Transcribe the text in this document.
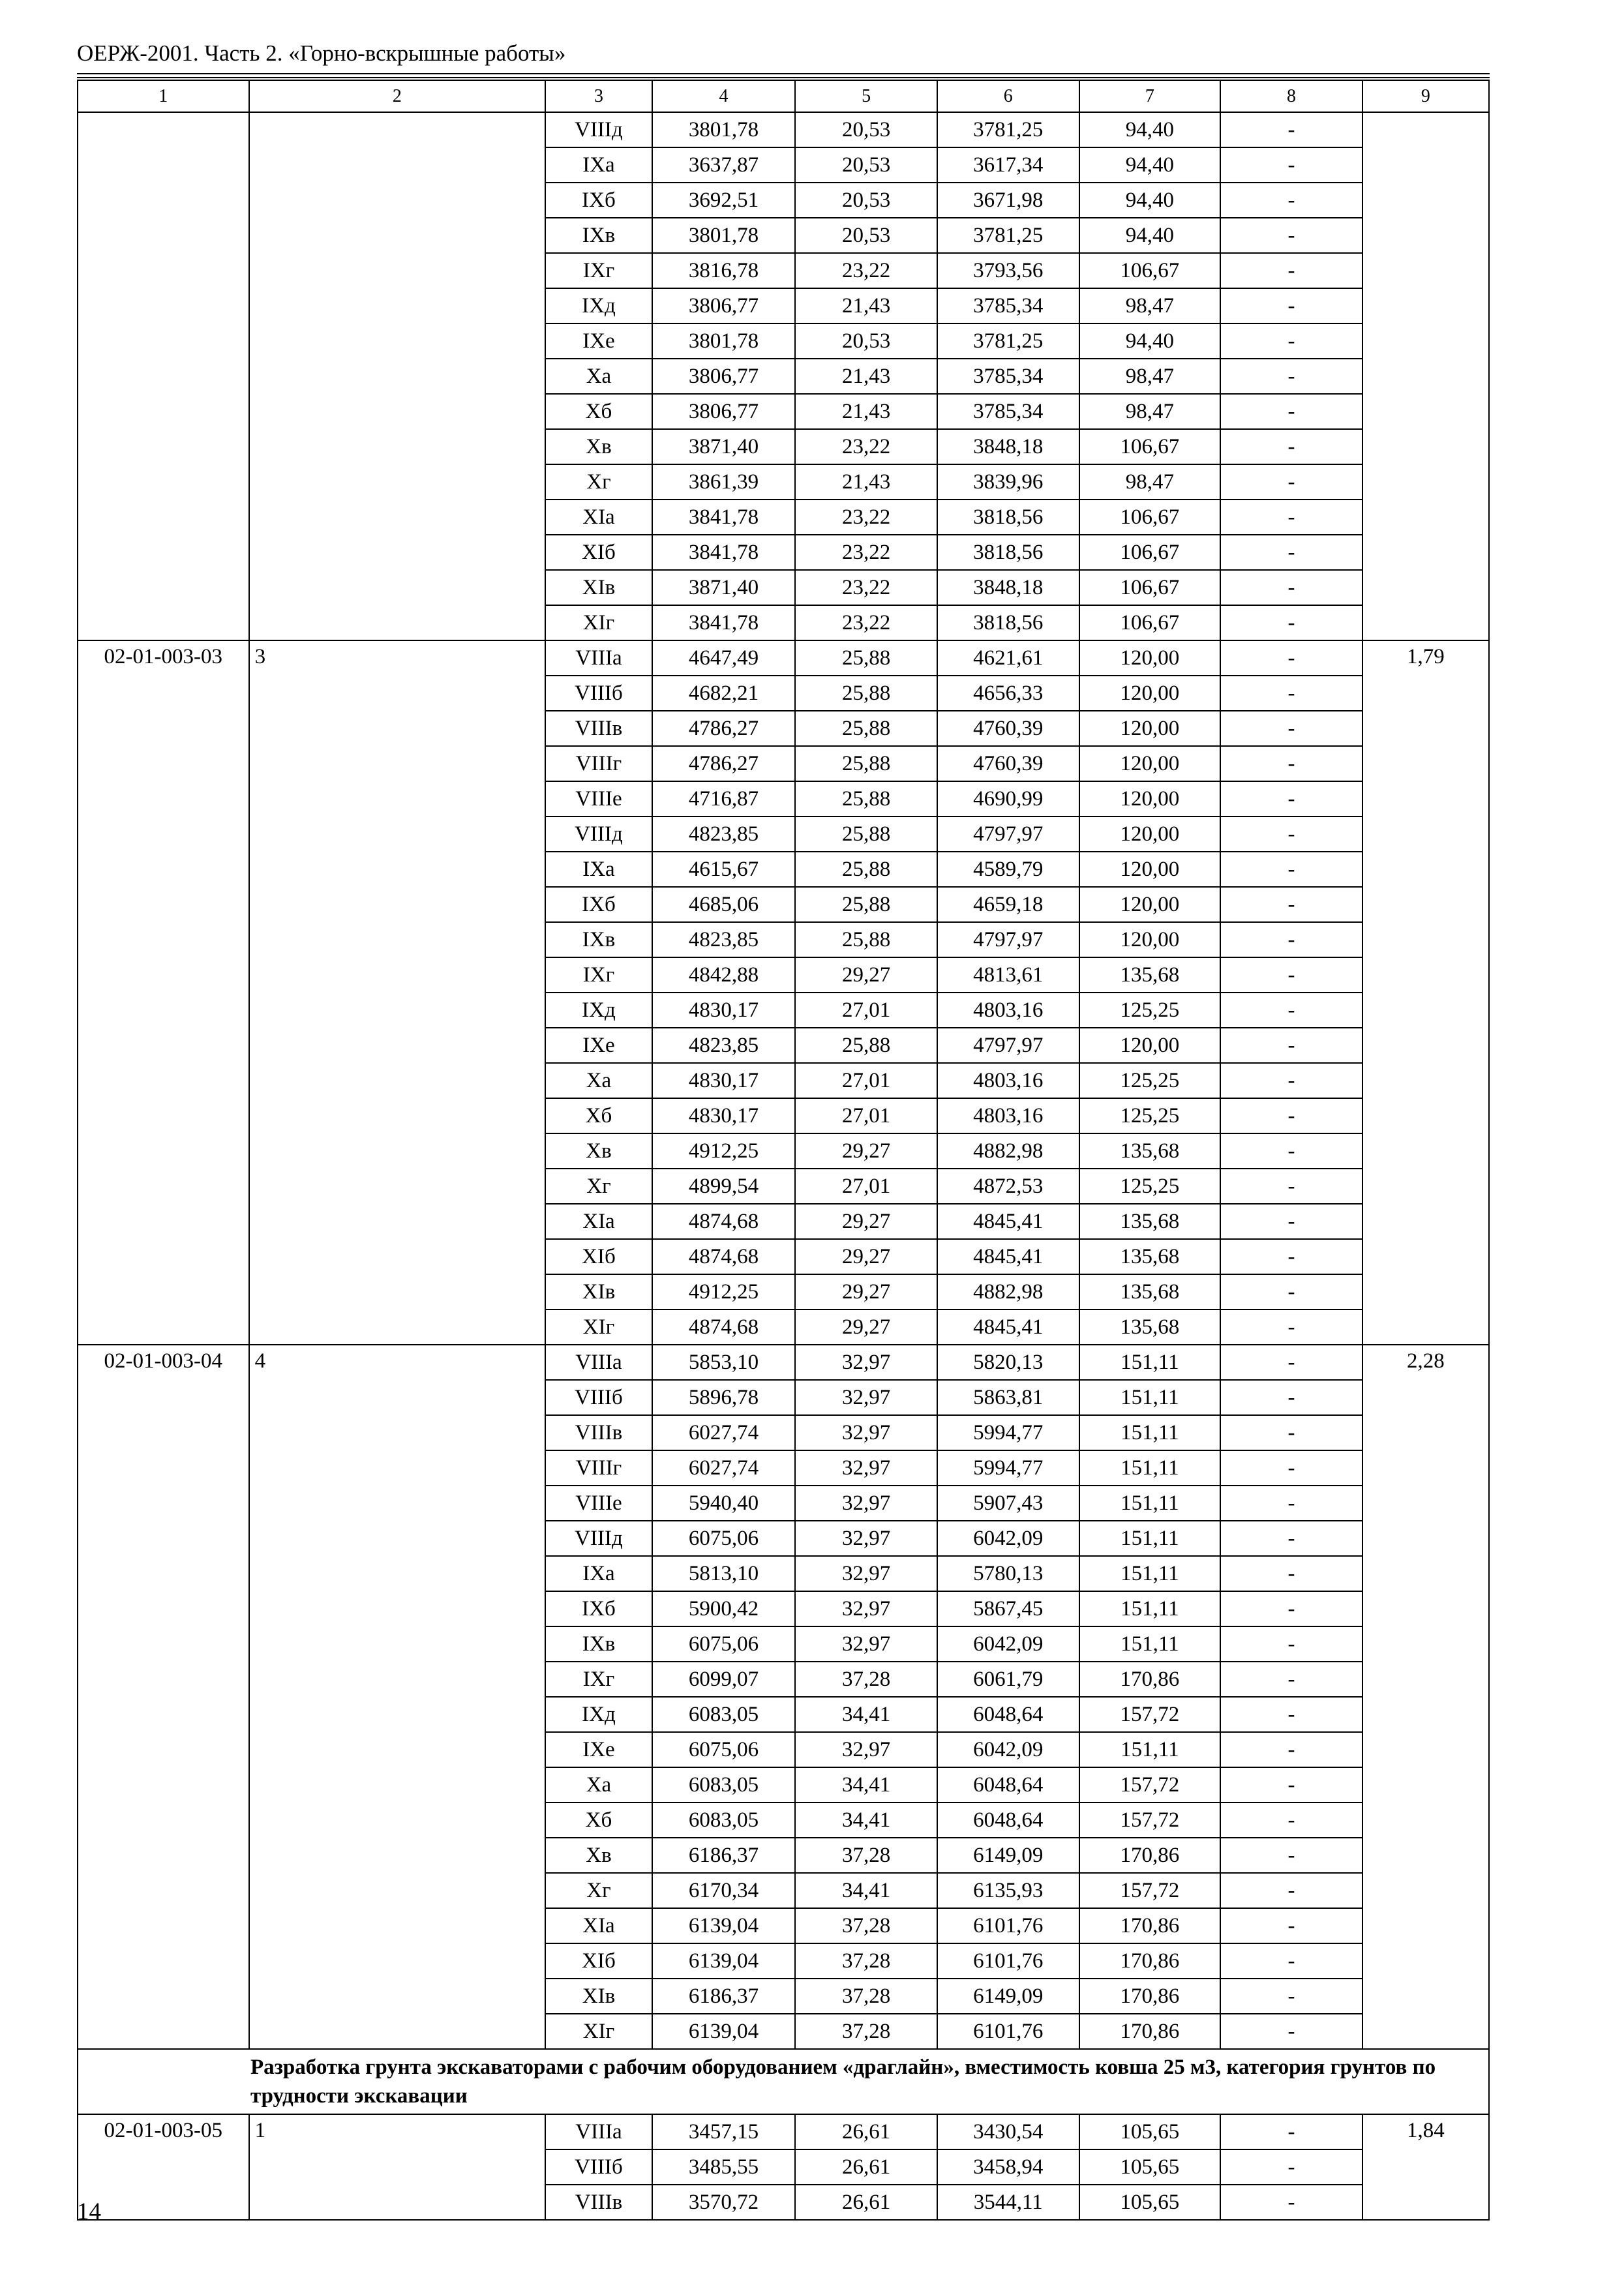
ОЕРЖ-2001. Часть 2. «Горно-вскрышные работы»
1	2	3	4	5	6	7	8	9
		VIIIд	3801,78	20,53	3781,25	94,40	-	
		IXа	3637,87	20,53	3617,34	94,40	-	
		IXб	3692,51	20,53	3671,98	94,40	-	
		IXв	3801,78	20,53	3781,25	94,40	-	
		IXг	3816,78	23,22	3793,56	106,67	-	
		IXд	3806,77	21,43	3785,34	98,47	-	
		IXе	3801,78	20,53	3781,25	94,40	-	
		Xа	3806,77	21,43	3785,34	98,47	-	
		Xб	3806,77	21,43	3785,34	98,47	-	
		Xв	3871,40	23,22	3848,18	106,67	-	
		Xг	3861,39	21,43	3839,96	98,47	-	
		XIа	3841,78	23,22	3818,56	106,67	-	
		XIб	3841,78	23,22	3818,56	106,67	-	
		XIв	3871,40	23,22	3848,18	106,67	-	
		XIг	3841,78	23,22	3818,56	106,67	-	
02-01-003-03	3	VIIIа	4647,49	25,88	4621,61	120,00	-	1,79
		VIIIб	4682,21	25,88	4656,33	120,00	-	
		VIIIв	4786,27	25,88	4760,39	120,00	-	
		VIIIг	4786,27	25,88	4760,39	120,00	-	
		VIIIе	4716,87	25,88	4690,99	120,00	-	
		VIIIд	4823,85	25,88	4797,97	120,00	-	
		IXа	4615,67	25,88	4589,79	120,00	-	
		IXб	4685,06	25,88	4659,18	120,00	-	
		IXв	4823,85	25,88	4797,97	120,00	-	
		IXг	4842,88	29,27	4813,61	135,68	-	
		IXд	4830,17	27,01	4803,16	125,25	-	
		IXе	4823,85	25,88	4797,97	120,00	-	
		Xа	4830,17	27,01	4803,16	125,25	-	
		Xб	4830,17	27,01	4803,16	125,25	-	
		Xв	4912,25	29,27	4882,98	135,68	-	
		Xг	4899,54	27,01	4872,53	125,25	-	
		XIа	4874,68	29,27	4845,41	135,68	-	
		XIб	4874,68	29,27	4845,41	135,68	-	
		XIв	4912,25	29,27	4882,98	135,68	-	
		XIг	4874,68	29,27	4845,41	135,68	-	
02-01-003-04	4	VIIIа	5853,10	32,97	5820,13	151,11	-	2,28
		VIIIб	5896,78	32,97	5863,81	151,11	-	
		VIIIв	6027,74	32,97	5994,77	151,11	-	
		VIIIг	6027,74	32,97	5994,77	151,11	-	
		VIIIе	5940,40	32,97	5907,43	151,11	-	
		VIIIд	6075,06	32,97	6042,09	151,11	-	
		IXа	5813,10	32,97	5780,13	151,11	-	
		IXб	5900,42	32,97	5867,45	151,11	-	
		IXв	6075,06	32,97	6042,09	151,11	-	
		IXг	6099,07	37,28	6061,79	170,86	-	
		IXд	6083,05	34,41	6048,64	157,72	-	
		IXе	6075,06	32,97	6042,09	151,11	-	
		Xа	6083,05	34,41	6048,64	157,72	-	
		Xб	6083,05	34,41	6048,64	157,72	-	
		Xв	6186,37	37,28	6149,09	170,86	-	
		Xг	6170,34	34,41	6135,93	157,72	-	
		XIа	6139,04	37,28	6101,76	170,86	-	
		XIб	6139,04	37,28	6101,76	170,86	-	
		XIв	6186,37	37,28	6149,09	170,86	-	
		XIг	6139,04	37,28	6101,76	170,86	-	
Разработка грунта экскаваторами с рабочим оборудованием «драглайн», вместимость ковша 25 м3, категория грунтов по трудности экскавации								
02-01-003-05	1	VIIIа	3457,15	26,61	3430,54	105,65	-	1,84
		VIIIб	3485,55	26,61	3458,94	105,65	-	
		VIIIв	3570,72	26,61	3544,11	105,65	-	
14
